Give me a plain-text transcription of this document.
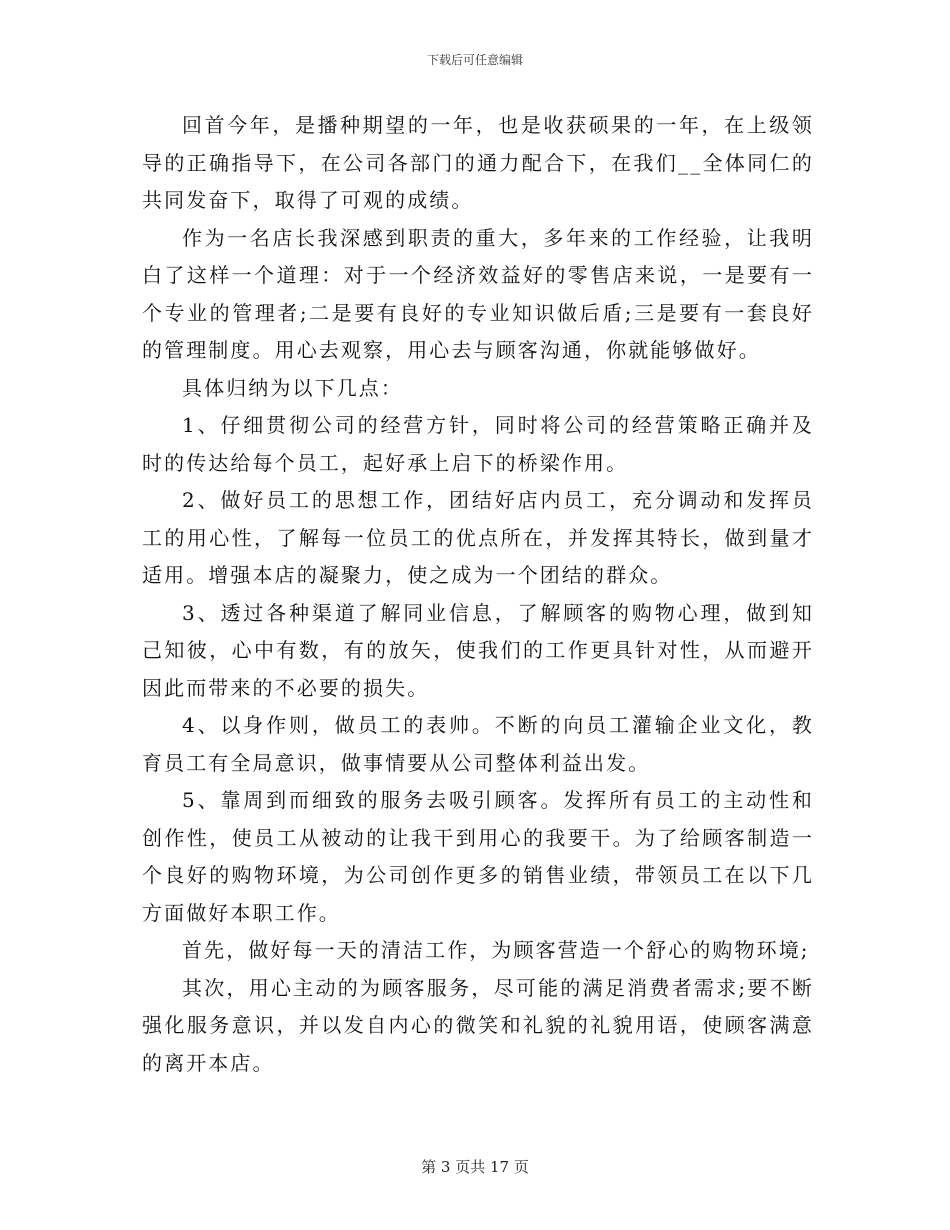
下载后可任意编辑

回首今年，是播种期望的一年，也是收获硕果的一年，在上级领导的正确指导下，在公司各部门的通力配合下，在我们__全体同仁的共同发奋下，取得了可观的成绩。

作为一名店长我深感到职责的重大，多年来的工作经验，让我明白了这样一个道理：对于一个经济效益好的零售店来说，一是要有一个专业的管理者;二是要有良好的专业知识做后盾;三是要有一套良好的管理制度。用心去观察，用心去与顾客沟通，你就能够做好。

具体归纳为以下几点：

1、仔细贯彻公司的经营方针，同时将公司的经营策略正确并及时的传达给每个员工，起好承上启下的桥梁作用。

2、做好员工的思想工作，团结好店内员工，充分调动和发挥员工的用心性，了解每一位员工的优点所在，并发挥其特长，做到量才适用。增强本店的凝聚力，使之成为一个团结的群众。

3、透过各种渠道了解同业信息，了解顾客的购物心理，做到知己知彼，心中有数，有的放矢，使我们的工作更具针对性，从而避开因此而带来的不必要的损失。

4、以身作则，做员工的表帅。不断的向员工灌输企业文化，教育员工有全局意识，做事情要从公司整体利益出发。

5、靠周到而细致的服务去吸引顾客。发挥所有员工的主动性和创作性，使员工从被动的让我干到用心的我要干。为了给顾客制造一个良好的购物环境，为公司创作更多的销售业绩，带领员工在以下几方面做好本职工作。

首先，做好每一天的清洁工作，为顾客营造一个舒心的购物环境;

其次，用心主动的为顾客服务，尽可能的满足消费者需求;要不断强化服务意识，并以发自内心的微笑和礼貌的礼貌用语，使顾客满意的离开本店。

第 3 页共 17 页
